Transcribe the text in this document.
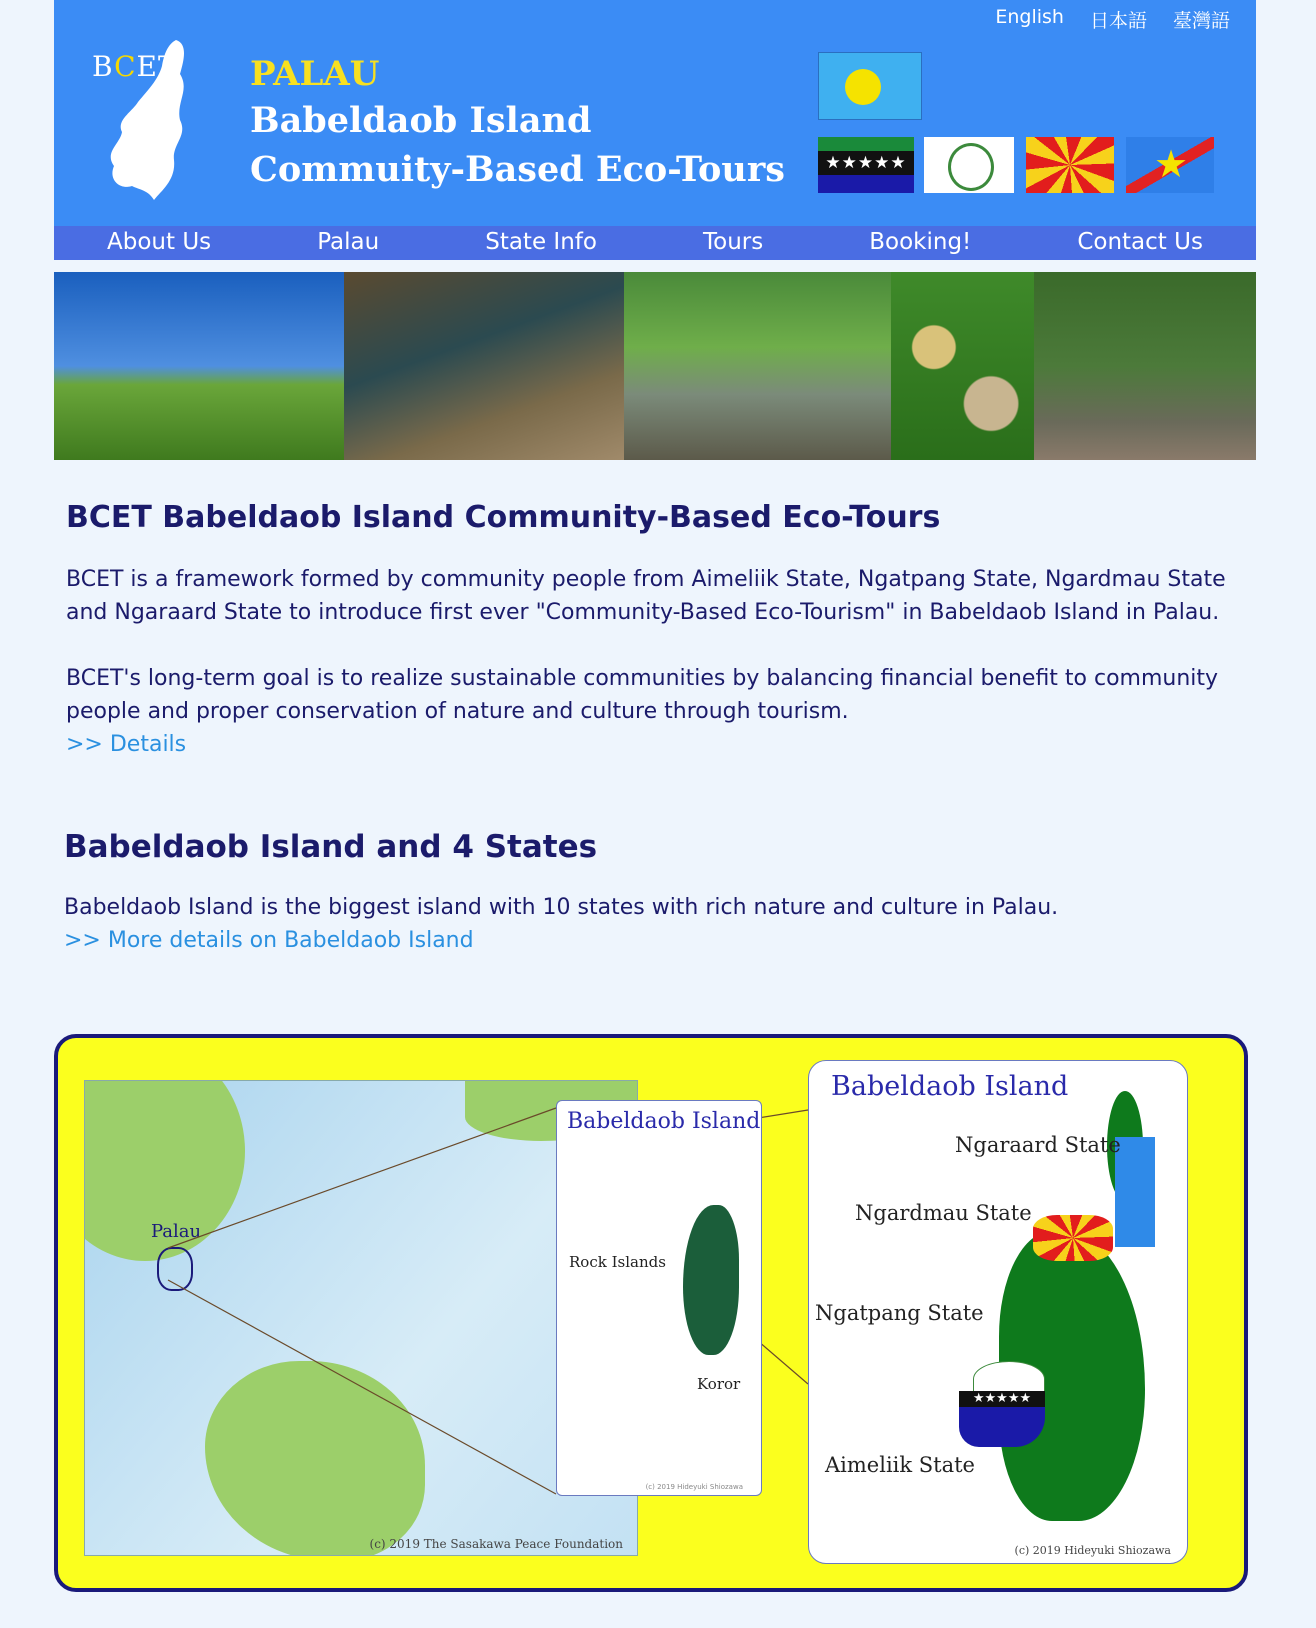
English 日本語 臺灣語
BCET PALAU
Babeldaob Island
Commuity-Based Eco-Tours	★★★★★	★
About Us	Palau	State Info	Tours	Booking!	Contact Us
BCET Babeldaob Island Community-Based Eco-Tours

BCET is a framework formed by community people from Aimeliik State, Ngatpang State, Ngardmau State and Ngaraard State to introduce first ever "Community-Based Eco-Tourism" in Babeldaob Island in Palau.

BCET's long-term goal is to realize sustainable communities by balancing financial benefit to community people and proper conservation of nature and culture through tourism.

>> Details
Babeldaob Island and 4 States

Babeldaob Island is the biggest island with 10 states with rich nature and culture in Palau.

>> More details on Babeldaob Island
Palau
(c) 2019 The Sasakawa Peace Foundation
Babeldaob Island
Rock Islands
Koror
(c) 2019 Hideyuki Shiozawa
Babeldaob Island
★★★★★
Ngaraard State
Ngardmau State
Ngatpang State
Aimeliik State
(c) 2019 Hideyuki Shiozawa
